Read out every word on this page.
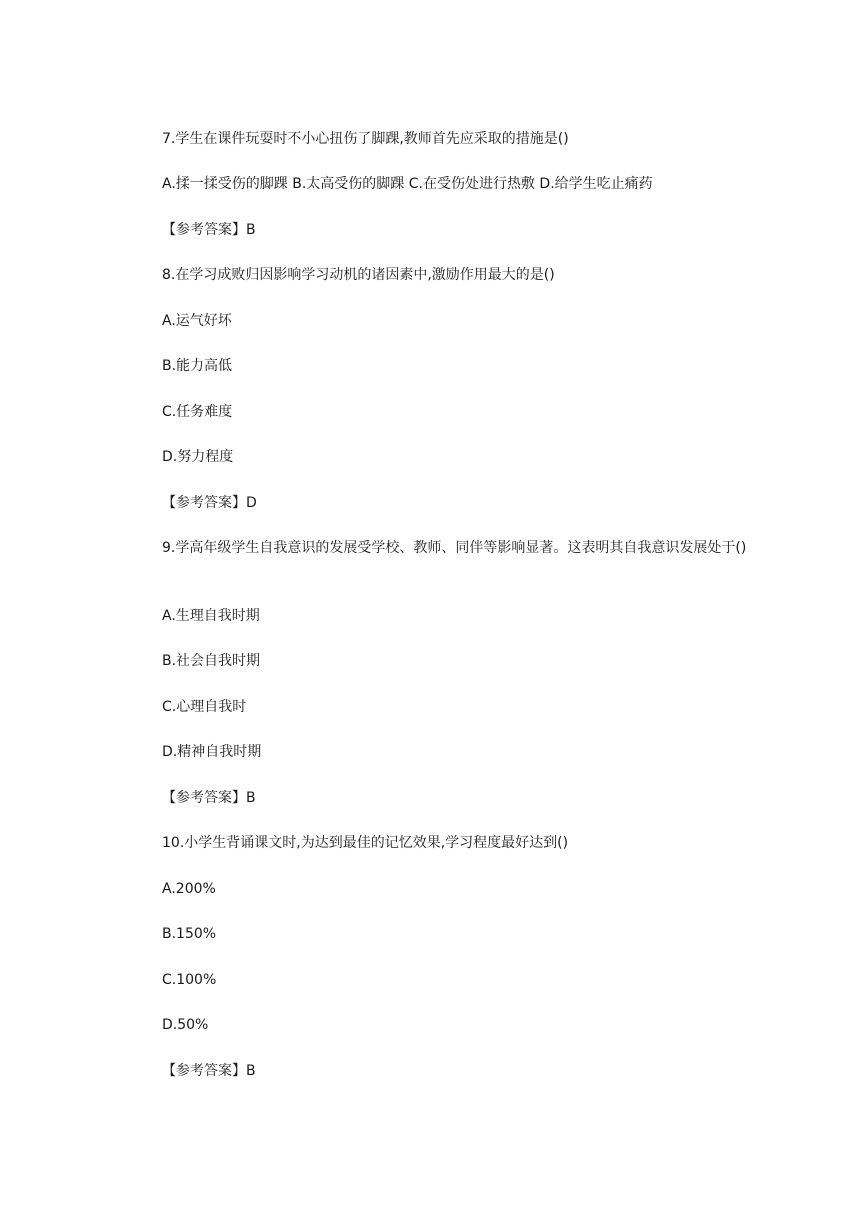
7.学生在课件玩耍时不小心扭伤了脚踝,教师首先应采取的措施是()
A.揉一揉受伤的脚踝 B.太高受伤的脚踝 C.在受伤处进行热敷 D.给学生吃止痛药
【参考答案】B
8.在学习成败归因影响学习动机的诸因素中,激励作用最大的是()
A.运气好坏
B.能力高低
C.任务难度
D.努力程度
【参考答案】D
9.学高年级学生自我意识的发展受学校、教师、同伴等影响显著。这表明其自我意识发展处于()
A.生理自我时期
B.社会自我时期
C.心理自我时
D.精神自我时期
【参考答案】B
10.小学生背诵课文时,为达到最佳的记忆效果,学习程度最好达到()
A.200%
B.150%
C.100%
D.50%
【参考答案】B
